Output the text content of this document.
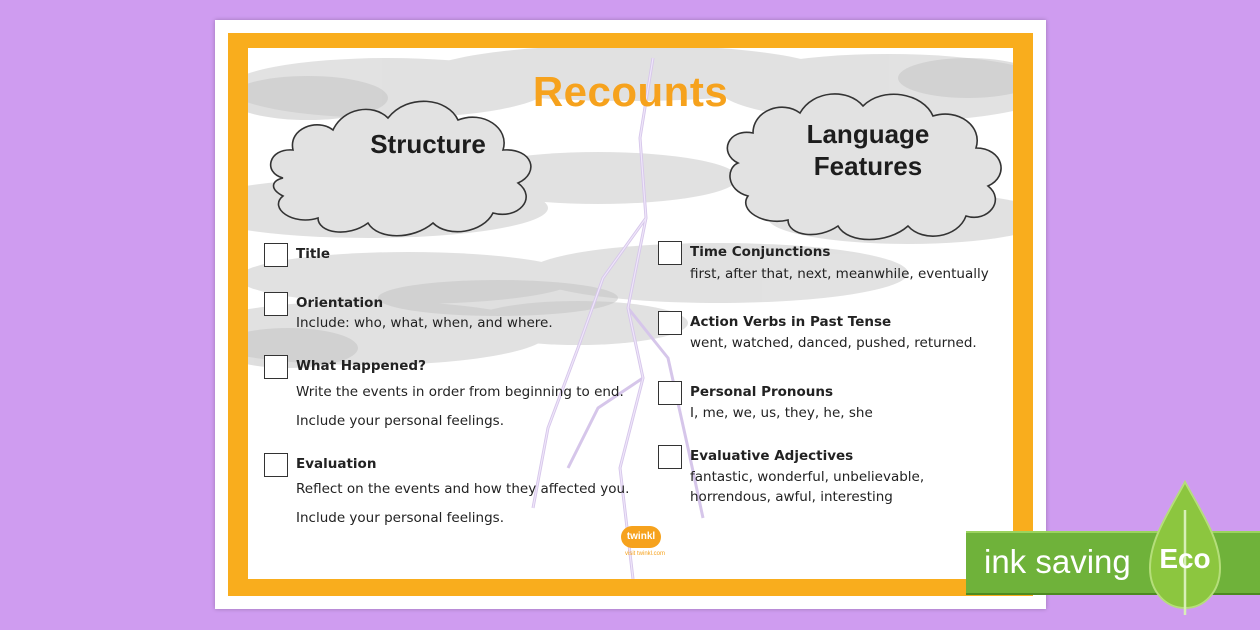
Recounts
Structure	Language
Features
Title
Orientation
Include: who, what, when, and where.
What Happened?
Write the events in order from beginning to end.
Include your personal feelings.
Evaluation
Reflect on the events and how they affected you.
Include your personal feelings.
Time Conjunctions
first, after that, next, meanwhile, eventually
Action Verbs in Past Tense
went, watched, danced, pushed, returned.
Personal Pronouns
I, me, we, us, they, he, she
Evaluative Adjectives
fantastic, wonderful, unbelievable,
horrendous, awful, interesting
twinkl
visit twinkl.com	ink saving	Eco
